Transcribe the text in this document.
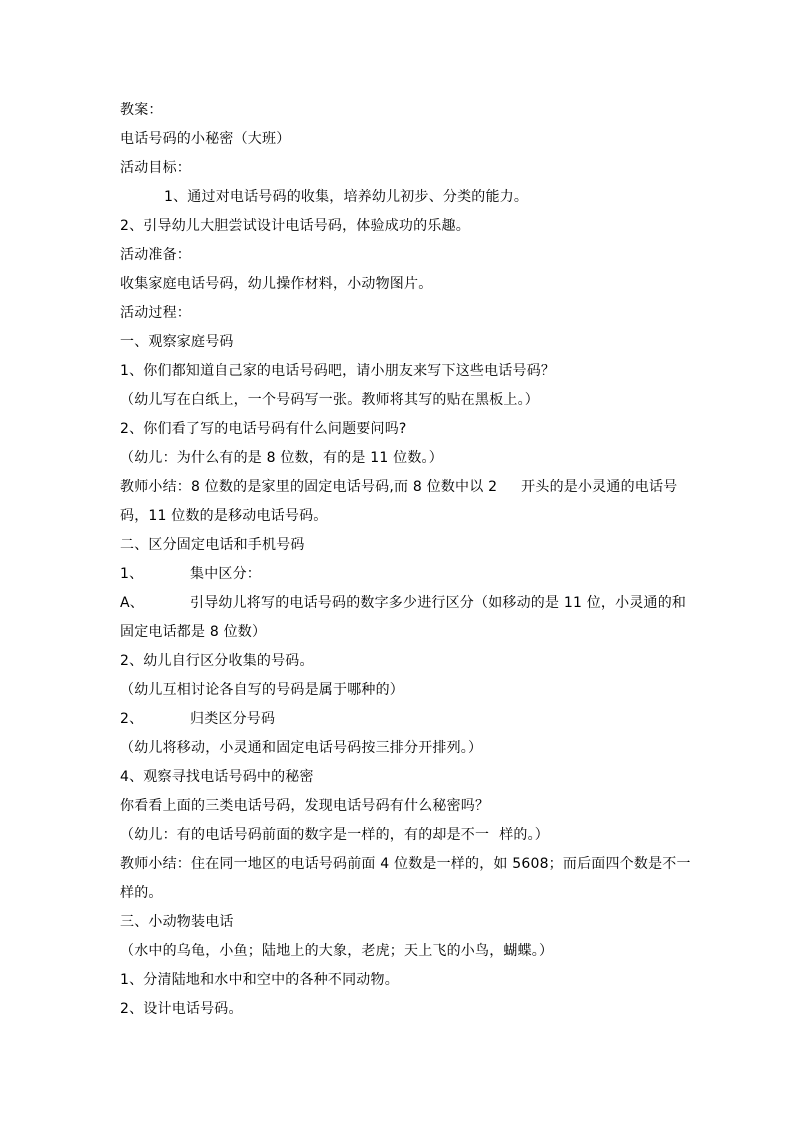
教案：
电话号码的小秘密（大班）
活动目标：
1、通过对电话号码的收集，培养幼儿初步、分类的能力。
2、引导幼儿大胆尝试设计电话号码，体验成功的乐趣。
活动准备：
收集家庭电话号码，幼儿操作材料，小动物图片。
活动过程：
一、观察家庭号码
1、你们都知道自己家的电话号码吧，请小朋友来写下这些电话号码？
（幼儿写在白纸上，一个号码写一张。教师将其写的贴在黑板上。）
2、你们看了写的电话号码有什么问题要问吗?
（幼儿：为什么有的是 8 位数，有的是 11 位数。）
教师小结：8 位数的是家里的固定电话号码,而 8 位数中以 2 开头的是小灵通的电话号
码，11 位数的是移动电话号码。
二、区分固定电话和手机号码
1、	集中区分：
A、	引导幼儿将写的电话号码的数字多少进行区分（如移动的是 11 位，小灵通的和
固定电话都是 8 位数）
2、幼儿自行区分收集的号码。
（幼儿互相讨论各自写的号码是属于哪种的）
2、	归类区分号码
（幼儿将移动，小灵通和固定电话号码按三排分开排列。）
4、观察寻找电话号码中的秘密
你看看上面的三类电话号码，发现电话号码有什么秘密吗？
（幼儿：有的电话号码前面的数字是一样的，有的却是不一 样的。）
教师小结：住在同一地区的电话号码前面 4 位数是一样的，如 5608；而后面四个数是不一
样的。
三、小动物装电话
（水中的乌龟，小鱼；陆地上的大象，老虎；天上飞的小鸟，蝴蝶。）
1、分清陆地和水中和空中的各种不同动物。
2、设计电话号码。
